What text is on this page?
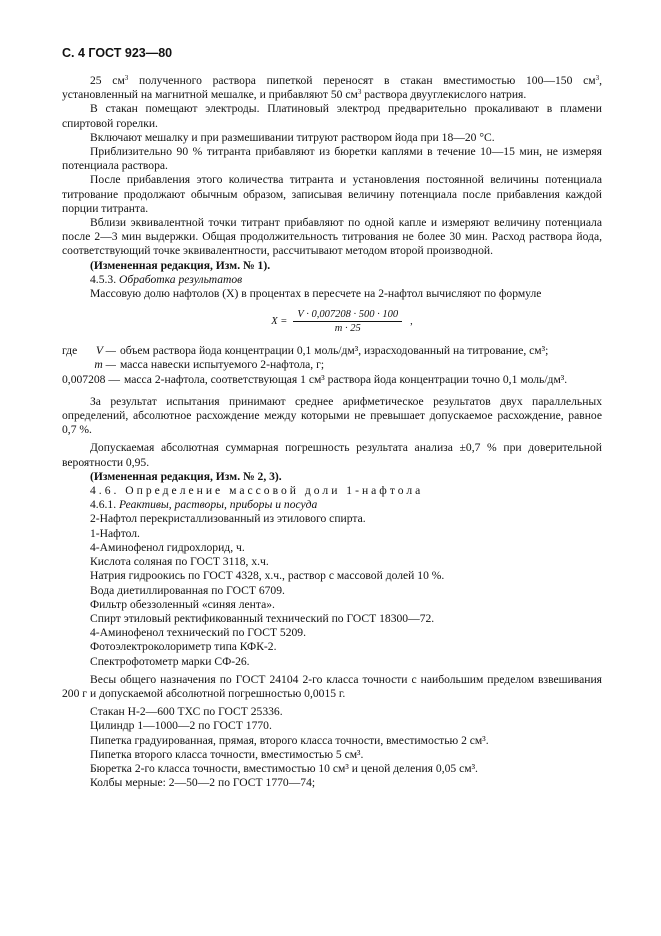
С. 4 ГОСТ 923—80

25 $см^3$ полученного раствора пипеткой переносят в стакан вместимостью 100—150 $см^3$, установленный на магнитной мешалке, и прибавляют 50 $см^3$ раствора двууглекислого натрия.

В стакан помещают электроды. Платиновый электрод предварительно прокаливают в пламени спиртовой горелки.

Включают мешалку и при размешивании титруют раствором йода при 18—20 °С.

Приблизительно 90 % титранта прибавляют из бюретки каплями в течение 10—15 мин, не измеряя потенциала раствора.

После прибавления этого количества титранта и установления постоянной величины потенциала титрование продолжают обычным образом, записывая величину потенциала после прибавления каждой порции титранта.

Вблизи эквивалентной точки титрант прибавляют по одной капле и измеряют величину потенциала после 2—3 мин выдержки. Общая продолжительность титрования не более 30 мин. Расход раствора йода, соответствующий точке эквивалентности, рассчитывают методом второй производной.

(Измененная редакция, Изм. № 1).

4.5.3. Обработка результатов

Массовую долю нафтолов (X) в процентах в пересчете на 2-нафтол вычисляют по формуле

$X = \frac{V \cdot 0,007208 \cdot 500 \cdot 100}{m \cdot 25}$ ,
где	V — объем раствора йода концентрации 0,1 моль/дм³, израсходованный на титрование, см³;
m — масса навески испытуемого 2-нафтола, г;
0,007208 — масса 2-нафтола, соответствующая 1 см³ раствора йода концентрации точно 0,1 моль/дм³.

За результат испытания принимают среднее арифметическое результатов двух параллельных определений, абсолютное расхождение между которыми не превышает допускаемое расхождение, равное 0,7 %.

Допускаемая абсолютная суммарная погрешность результата анализа ±0,7 % при доверительной вероятности 0,95.

(Измененная редакция, Изм. № 2, 3).

4.6. Определение массовой доли 1-нафтола

4.6.1. Реактивы, растворы, приборы и посуда

2-Нафтол перекристаллизованный из этилового спирта.

1-Нафтол.

4-Аминофенол гидрохлорид, ч.

Кислота соляная по ГОСТ 3118, х.ч.

Натрия гидроокись по ГОСТ 4328, х.ч., раствор с массовой долей 10 %.

Вода диетиллированная по ГОСТ 6709.

Фильтр обеззоленный «синяя лента».

Спирт этиловый ректификованный технический по ГОСТ 18300—72.

4-Аминофенол технический по ГОСТ 5209.

Фотоэлектроколориметр типа КФК-2.

Спектрофотометр марки СФ-26.

Весы общего назначения по ГОСТ 24104 2-го класса точности с наибольшим пределом взвешивания 200 г и допускаемой абсолютной погрешностью 0,0015 г.

Стакан Н-2—600 ТХС по ГОСТ 25336.

Цилиндр 1—1000—2 по ГОСТ 1770.

Пипетка градуированная, прямая, второго класса точности, вместимостью 2 см³.

Пипетка второго класса точности, вместимостью 5 см³.

Бюретка 2-го класса точности, вместимостью 10 см³ и ценой деления 0,05 см³.

Колбы мерные: 2—50—2 по ГОСТ 1770—74;
